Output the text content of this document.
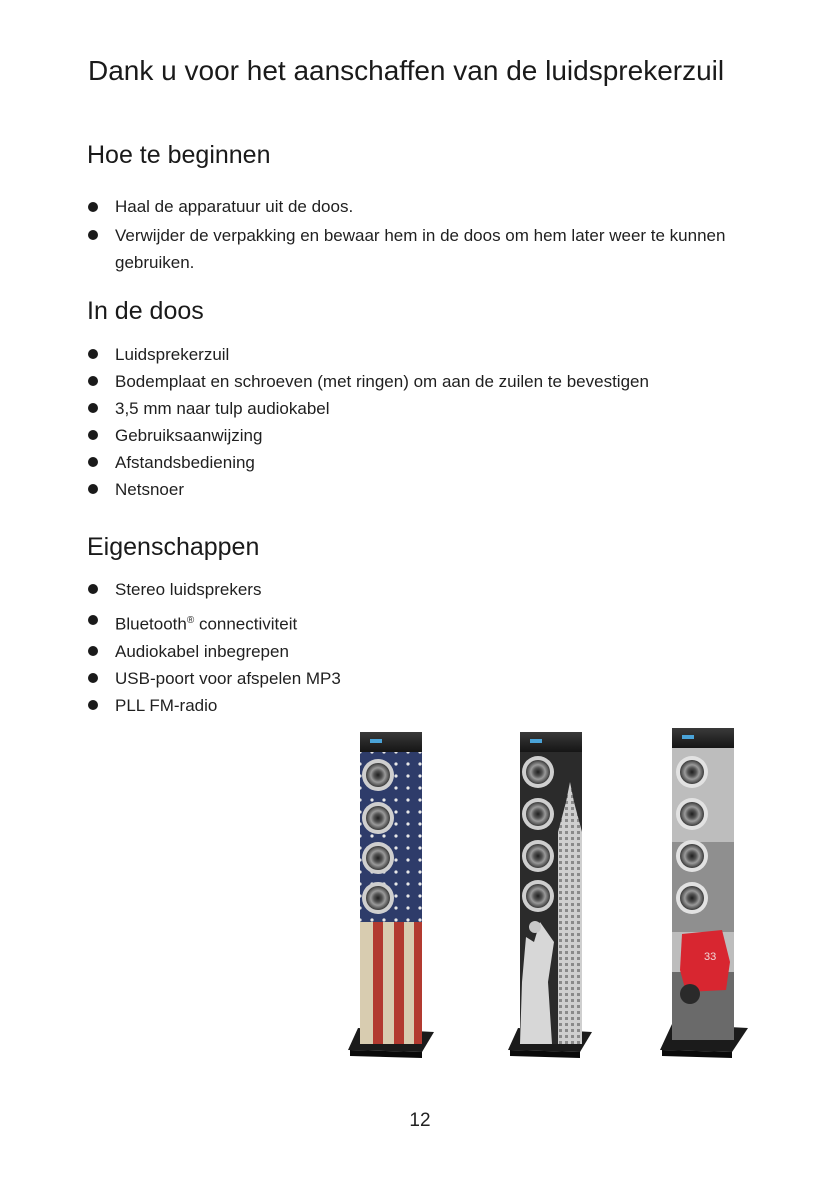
Dank u voor het aanschaffen van de luidsprekerzuil
Hoe te beginnen
Haal de apparatuur uit de doos.
Verwijder de verpakking en bewaar hem in de doos om hem later weer te kunnen gebruiken.
In de doos
Luidsprekerzuil
Bodemplaat en schroeven (met ringen) om aan de zuilen te bevestigen
3,5 mm naar tulp audiokabel
Gebruiksaanwijzing
Afstandsbediening
Netsnoer
Eigenschappen
Stereo luidsprekers
Bluetooth® connectiviteit
Audiokabel inbegrepen
USB-poort voor afspelen MP3
PLL FM-radio
33
12
